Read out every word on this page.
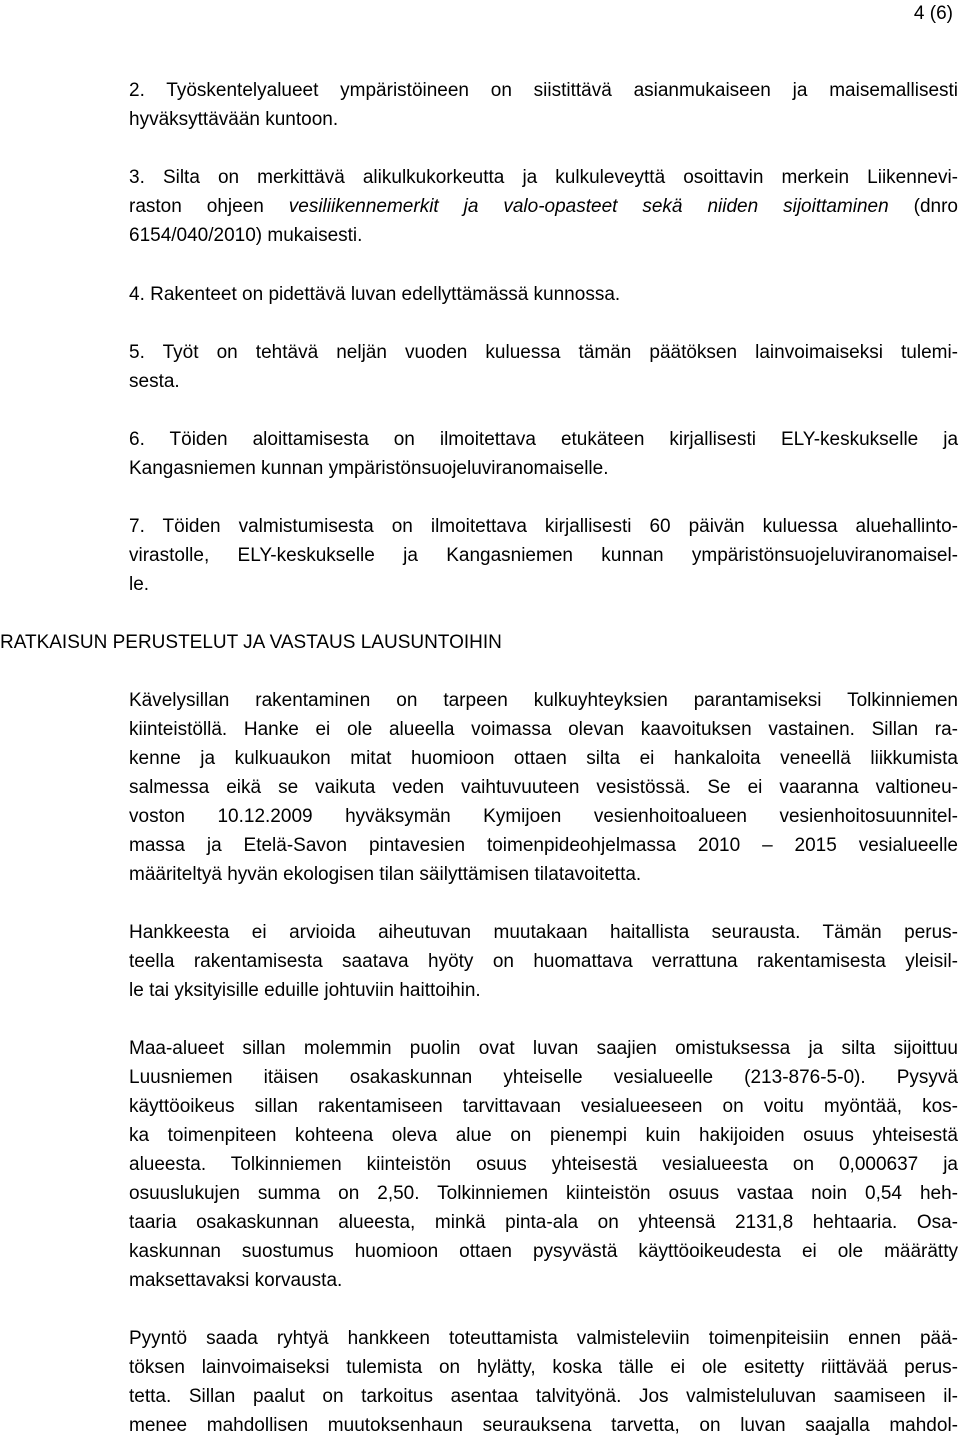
4 (6)
2. Työskentelyalueet ympäristöineen on siistittävä asianmukaiseen ja maisemallisesti
hyväksyttävään kuntoon.
3. Silta on merkittävä alikulkukorkeutta ja kulkuleveyttä osoittavin merkein Liikennevi-
raston ohjeen vesiliikennemerkit ja valo-opasteet sekä niiden sijoittaminen (dnro
6154/040/2010) mukaisesti.
4. Rakenteet on pidettävä luvan edellyttämässä kunnossa.
5. Työt on tehtävä neljän vuoden kuluessa tämän päätöksen lainvoimaiseksi tulemi-
sesta.
6. Töiden aloittamisesta on ilmoitettava etukäteen kirjallisesti ELY-keskukselle ja
Kangasniemen kunnan ympäristönsuojeluviranomaiselle.
7. Töiden valmistumisesta on ilmoitettava kirjallisesti 60 päivän kuluessa aluehallinto-
virastolle, ELY-keskukselle ja Kangasniemen kunnan ympäristönsuojeluviranomaisel-
le.
RATKAISUN PERUSTELUT JA VASTAUS LAUSUNTOIHIN
Kävelysillan rakentaminen on tarpeen kulkuyhteyksien parantamiseksi Tolkinniemen
kiinteistöllä. Hanke ei ole alueella voimassa olevan kaavoituksen vastainen. Sillan ra-
kenne ja kulkuaukon mitat huomioon ottaen silta ei hankaloita veneellä liikkumista
salmessa eikä se vaikuta veden vaihtuvuuteen vesistössä. Se ei vaaranna valtioneu-
voston 10.12.2009 hyväksymän Kymijoen vesienhoitoalueen vesienhoitosuunnitel-
massa ja Etelä-Savon pintavesien toimenpideohjelmassa 2010 – 2015 vesialueelle
määriteltyä hyvän ekologisen tilan säilyttämisen tilatavoitetta.
Hankkeesta ei arvioida aiheutuvan muutakaan haitallista seurausta. Tämän perus-
teella rakentamisesta saatava hyöty on huomattava verrattuna rakentamisesta yleisil-
le tai yksityisille eduille johtuviin haittoihin.
Maa-alueet sillan molemmin puolin ovat luvan saajien omistuksessa ja silta sijoittuu
Luusniemen itäisen osakaskunnan yhteiselle vesialueelle (213-876-5-0). Pysyvä
käyttöoikeus sillan rakentamiseen tarvittavaan vesialueeseen on voitu myöntää, kos-
ka toimenpiteen kohteena oleva alue on pienempi kuin hakijoiden osuus yhteisestä
alueesta. Tolkinniemen kiinteistön osuus yhteisestä vesialueesta on 0,000637 ja
osuuslukujen summa on 2,50. Tolkinniemen kiinteistön osuus vastaa noin 0,54 heh-
taaria osakaskunnan alueesta, minkä pinta-ala on yhteensä 2131,8 hehtaaria. Osa-
kaskunnan suostumus huomioon ottaen pysyvästä käyttöoikeudesta ei ole määrätty
maksettavaksi korvausta.
Pyyntö saada ryhtyä hankkeen toteuttamista valmisteleviin toimenpiteisiin ennen pää-
töksen lainvoimaiseksi tulemista on hylätty, koska tälle ei ole esitetty riittävää perus-
tetta. Sillan paalut on tarkoitus asentaa talvityönä. Jos valmisteluluvan saamiseen il-
menee mahdollisen muutoksenhaun seurauksena tarvetta, on luvan saajalla mahdol-
